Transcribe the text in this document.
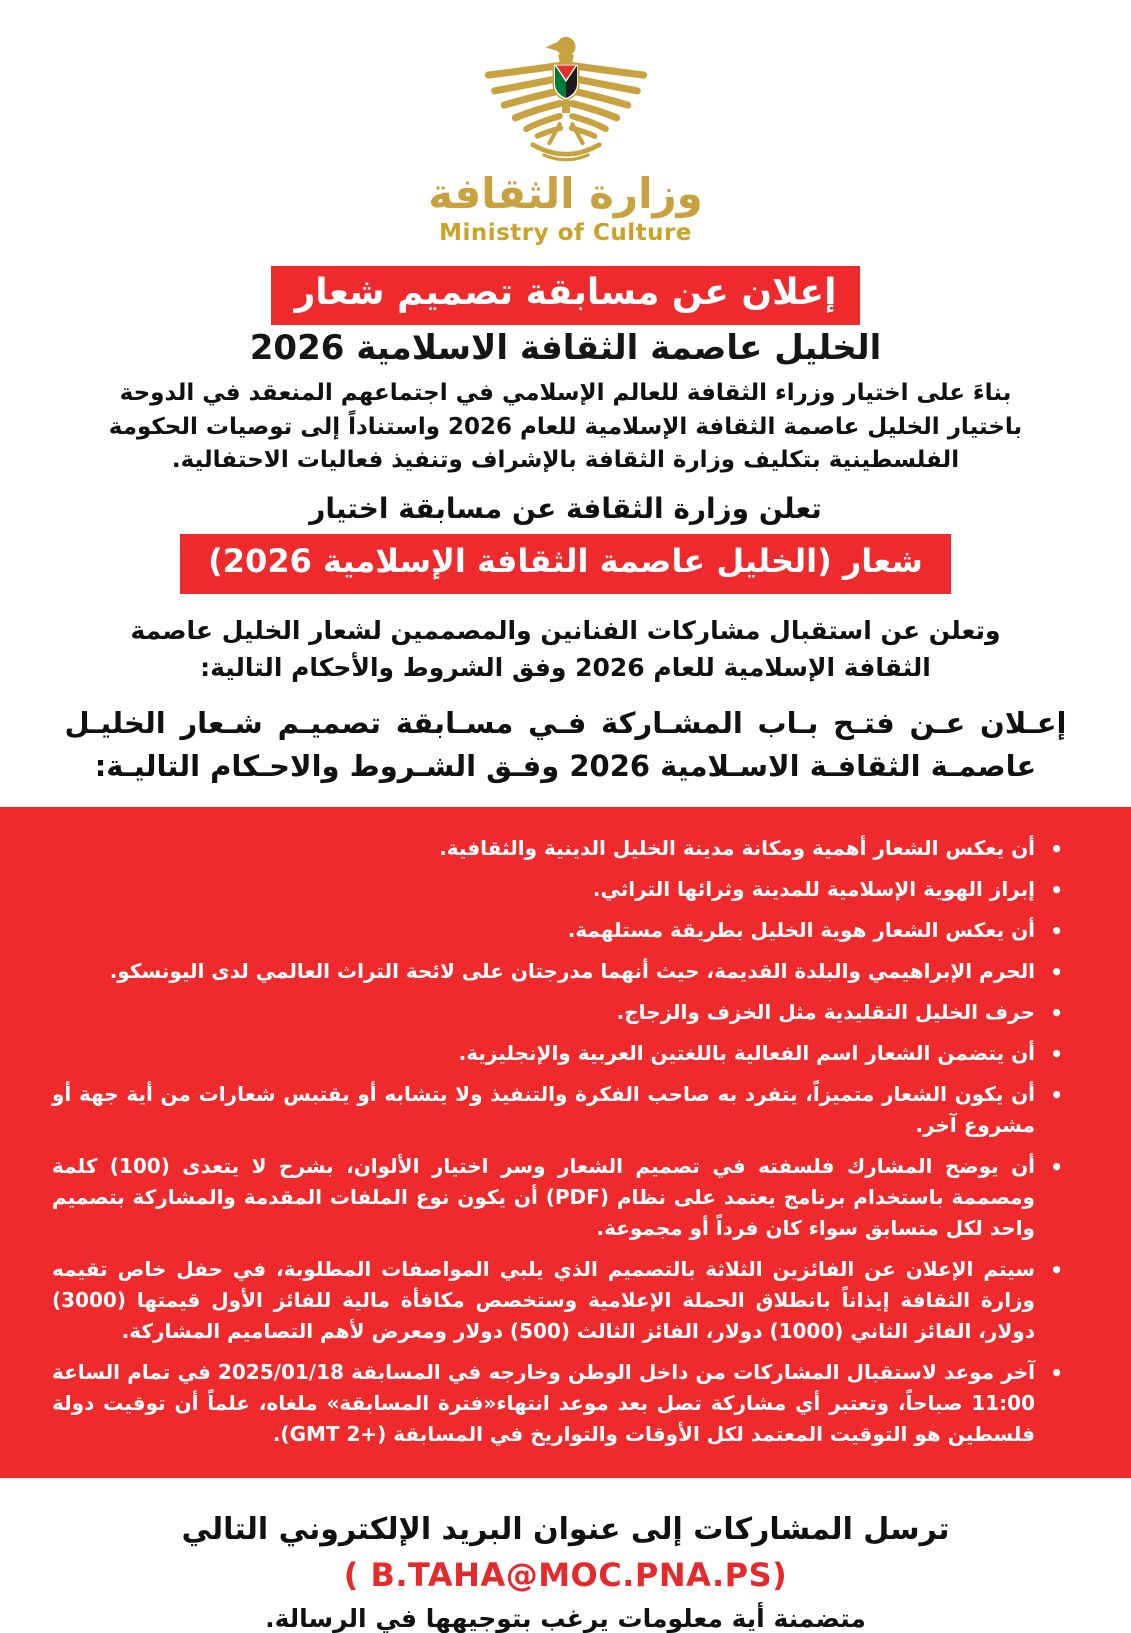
وزارة الثقافة
Ministry of Culture
إعلان عن مسابقة تصميم شعار
الخليل عاصمة الثقافة الاسلامية 2026

بناءَ على اختيار وزراء الثقافة للعالم الإسلامي في اجتماعهم المنعقد في الدوحة باختيار الخليل عاصمة الثقافة الإسلامية للعام 2026 واستناداً إلى توصيات الحكومة الفلسطينية بتكليف وزارة الثقافة بالإشراف وتنفيذ فعاليات الاحتفالية.

تعلن وزارة الثقافة عن مسابقة اختيار
شعار (الخليل عاصمة الثقافة الإسلامية 2026)

وتعلن عن استقبال مشاركات الفنانين والمصممين لشعار الخليل عاصمة الثقافة الإسلامية للعام 2026 وفق الشروط والأحكام التالية:

إعـلان عـن فتـح بـاب المشـاركة فـي مسـابقة تصميـم شـعار الخليـل عاصمـة الثقافـة الاسـلامية 2026 وفـق الشـروط والاحـكام التاليـة:

•
أن يعكس الشعار أهمية ومكانة مدينة الخليل الدينية والثقافية.
•
إبراز الهوية الإسلامية للمدينة وثرائها التراثي.
•
أن يعكس الشعار هوية الخليل بطريقة مستلهمة.
•
الحرم الإبراهيمي والبلدة القديمة، حيث أنهما مدرجتان على لائحة التراث العالمي لدى اليونسكو.
•
حرف الخليل التقليدية مثل الخزف والزجاج.
•
أن يتضمن الشعار اسم الفعالية باللغتين العربية والإنجليزية.
•
أن يكون الشعار متميزاً، يتفرد به صاحب الفكرة والتنفيذ ولا يتشابه أو يقتبس شعارات من أية جهة أو مشروع آخر.
•
أن يوضح المشارك فلسفته في تصميم الشعار وسر اختيار الألوان، بشرح لا يتعدى (100) كلمة ومصممة باستخدام برنامج يعتمد على نظام (PDF) أن يكون نوع الملفات المقدمة والمشاركة بتصميم واحد لكل متسابق سواء كان فرداً أو مجموعة.
•
سيتم الإعلان عن الفائزين الثلاثة بالتصميم الذي يلبي المواصفات المطلوبة، في حفل خاص تقيمه وزارة الثقافة إيذاناً بانطلاق الحملة الإعلامية وستخصص مكافأة مالية للفائز الأول قيمتها (3000) دولار، الفائز الثاني (1000) دولار، الفائز الثالث (500) دولار ومعرض لأهم التصاميم المشاركة.
•
آخر موعد لاستقبال المشاركات من داخل الوطن وخارجه في المسابقة 2025/01/18 في تمام الساعة 11:00 صباحاً، وتعتبر أي مشاركة تصل بعد موعد انتهاء«فترة المسابقة» ملغاه، علماً أن توقيت دولة فلسطين هو التوقيت المعتمد لكل الأوقات والتواريخ في المسابقة ‎(GMT 2+)‎.
ترسل المشاركات إلى عنوان البريد الإلكتروني التالي
( B.TAHA@MOC.PNA.PS)
متضمنة أية معلومات يرغب بتوجيهها في الرسالة.
